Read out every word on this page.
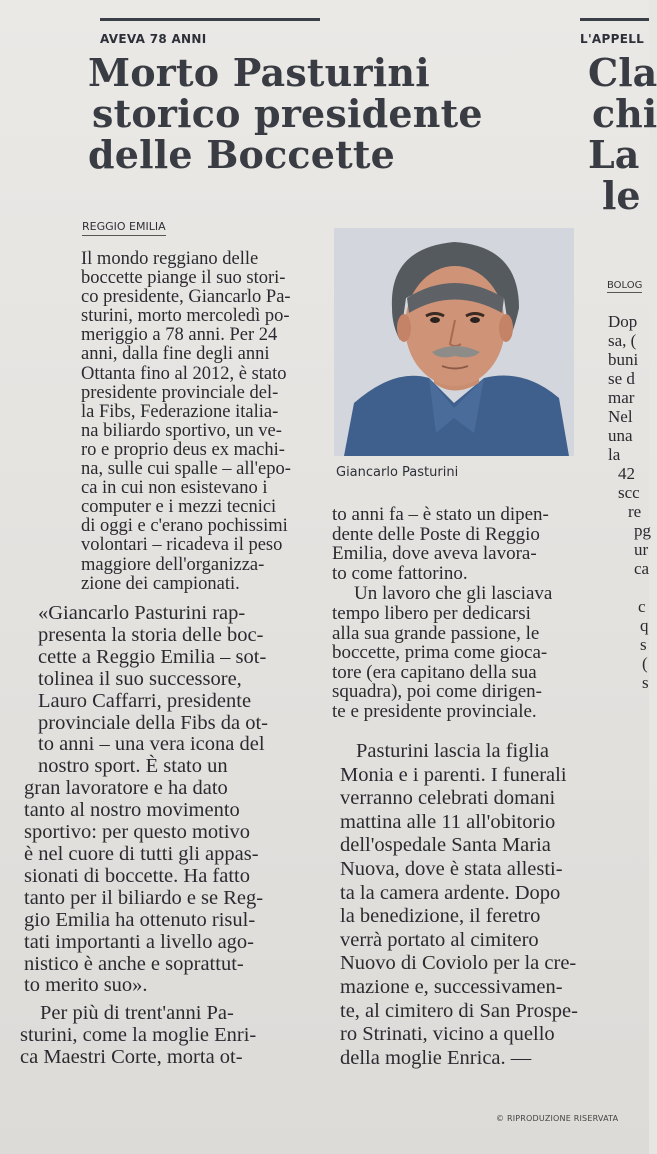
AVEVA 78 ANNI	L'APPELL
Morto Pasturini
storico presidente
delle Boccette
Cla
chi
La
le
REGGIO EMILIA
Giancarlo Pasturini

Il mondo reggiano delle
boccette piange il suo stori-
co presidente, Giancarlo Pa-
sturini, morto mercoledì po-
meriggio a 78 anni. Per 24
anni, dalla fine degli anni
Ottanta fino al 2012, è stato
presidente provinciale del-
la Fibs, Federazione italia-
na biliardo sportivo, un ve-
ro e proprio deus ex machi-
na, sulle cui spalle – all'epo-
ca in cui non esistevano i
computer e i mezzi tecnici
di oggi e c'erano pochissimi
volontari – ricadeva il peso
maggiore dell'organizza-
zione dei campionati.

«Giancarlo Pasturini rap-
presenta la storia delle boc-
cette a Reggio Emilia – sot-
tolinea il suo successore,
Lauro Caffarri, presidente
provinciale della Fibs da ot-
to anni – una vera icona del
nostro sport. È stato un

gran lavoratore e ha dato
tanto al nostro movimento
sportivo: per questo motivo
è nel cuore di tutti gli appas-
sionati di boccette. Ha fatto
tanto per il biliardo e se Reg-
gio Emilia ha ottenuto risul-
tati importanti a livello ago-
nistico è anche e soprattut-
to merito suo».

Per più di trent'anni Pa-
sturini, come la moglie Enri-
ca Maestri Corte, morta ot-

to anni fa – è stato un dipen-
dente delle Poste di Reggio
Emilia, dove aveva lavora-
to come fattorino.

Un lavoro che gli lasciava

tempo libero per dedicarsi
alla sua grande passione, le
boccette, prima come gioca-
tore (era capitano della sua
squadra), poi come dirigen-
te e presidente provinciale.

Pasturini lascia la figlia
Monia e i parenti. I funerali
verranno celebrati domani
mattina alle 11 all'obitorio
dell'ospedale Santa Maria
Nuova, dove è stata allesti-
ta la camera ardente. Dopo
la benedizione, il feretro
verrà portato al cimitero
Nuovo di Coviolo per la cre-
mazione e, successivamen-
te, al cimitero di San Prospe-
ro Strinati, vicino a quello
della moglie Enrica. —

© RIPRODUZIONE RISERVATA
BOLOG
Dop
sa, (
buni
se d
mar
Nel
una
la
42
scc
re
pg
ur
ca

c
q
s
(
s
